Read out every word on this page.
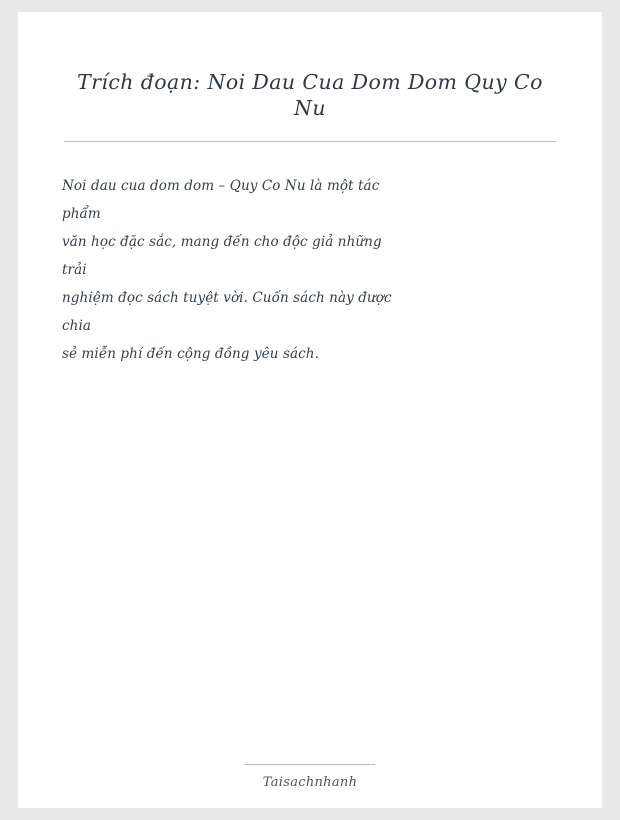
Trích đoạn: Noi Dau Cua Dom Dom Quy Co Nu
Noi dau cua dom dom – Quy Co Nu là một tác
phẩm
văn học đặc sắc, mang đến cho độc giả những
trải
nghiệm đọc sách tuyệt vời. Cuốn sách này được
chia
sẻ miễn phí đến cộng đồng yêu sách.
Taisachnhanh
